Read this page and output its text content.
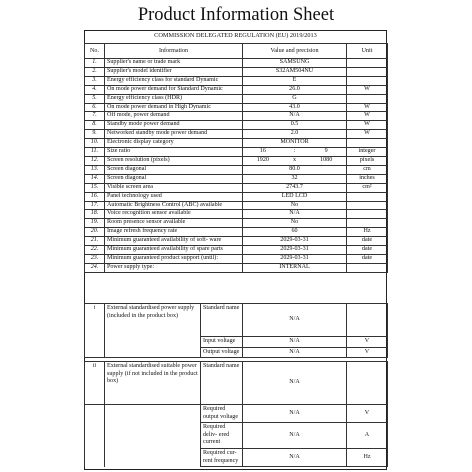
Product Information Sheet
COMMISSION DELEGATED REGULATION (EU) 2019/2013
No.	Information	Value and precision	Unit
1.	Supplier's name or trade mark	SAMSUNG	
2.	Supplier's model identifier	S32AM504NU	
3.	Energy efficiency class for standard Dynamic	E	
4.	On mode power demand for Standard Dynamic	26.0	W
5.	Energy efficiency class (HDR)	G	
6.	On mode power demand in High Dynamic	43.0	W
7.	Off mode, power demand	N/A	W
8.	Standby mode power demand	0.5	W
9.	Networked standby mode power demand	2.0	W
10.	Electronic display category	MONITOR	
11.	Size ratio	16 : 9	integer
12.	Screen resolution (pixels)	1920 x 1080	pixels
13.	Screen diagonal	80.0	cm
14.	Screen diagonal	32	inches
15.	Visible screen area	2743.7	cm²
16.	Panel technology used	LED LCD	
17.	Automatic Brightness Control (ABC) available	No	
18.	Voice recognition sensor available	N/A	
19.	Room presence sensor available	No	
20.	Image refresh frequency rate	60	Hz
21.	Minimum guaranteed availability of soft- ware	2029-03-31	date
22.	Minimum guaranteed availability of spare parts	2029-03-31	date
23.	Minimum guaranteed product support (until):	2029-03-31	date
24.	Power supply type:	INTERNAL	
i	External standardised power supply (included in the product box)	Standard name	N/A	
		Input voltage	N/A	V
		Output voltage	N/A	V
ii	External standardised suitable power supply (if not included in the product box)	Standard name	N/A	
		Required output voltage	N/A	V
		Required deliv- ered current	N/A	A
		Required cur- rent frequency	N/A	Hz
